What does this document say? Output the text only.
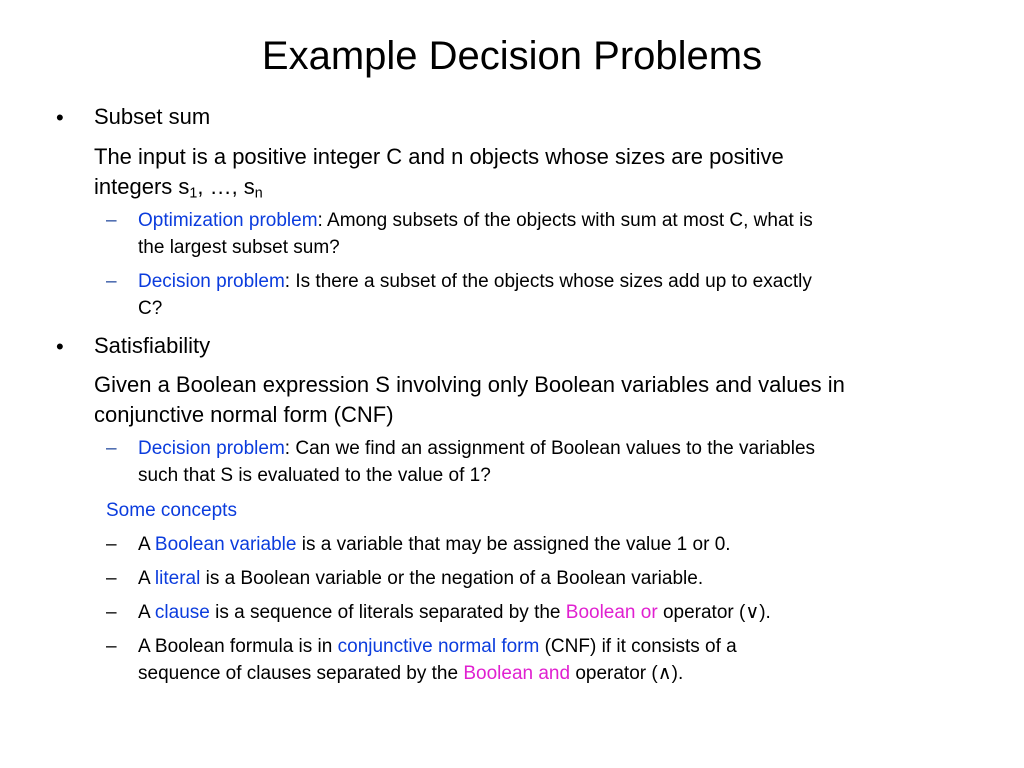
Example Decision Problems
• Subset sum
The input is a positive integer C and n objects whose sizes are positive
integers $s_1$, …, $s_n$
– Optimization problem: Among subsets of the objects with sum at most C, what is
the largest subset sum?
– Decision problem: Is there a subset of the objects whose sizes add up to exactly
C?
• Satisfiability
Given a Boolean expression S involving only Boolean variables and values in
conjunctive normal form (CNF)
– Decision problem: Can we find an assignment of Boolean values to the variables
such that S is evaluated to the value of 1?
Some concepts
– A Boolean variable is a variable that may be assigned the value 1 or 0.
– A literal is a Boolean variable or the negation of a Boolean variable.
– A clause is a sequence of literals separated by the Boolean or operator (∨).
– A Boolean formula is in conjunctive normal form (CNF) if it consists of a
sequence of clauses separated by the Boolean and operator (∧).
